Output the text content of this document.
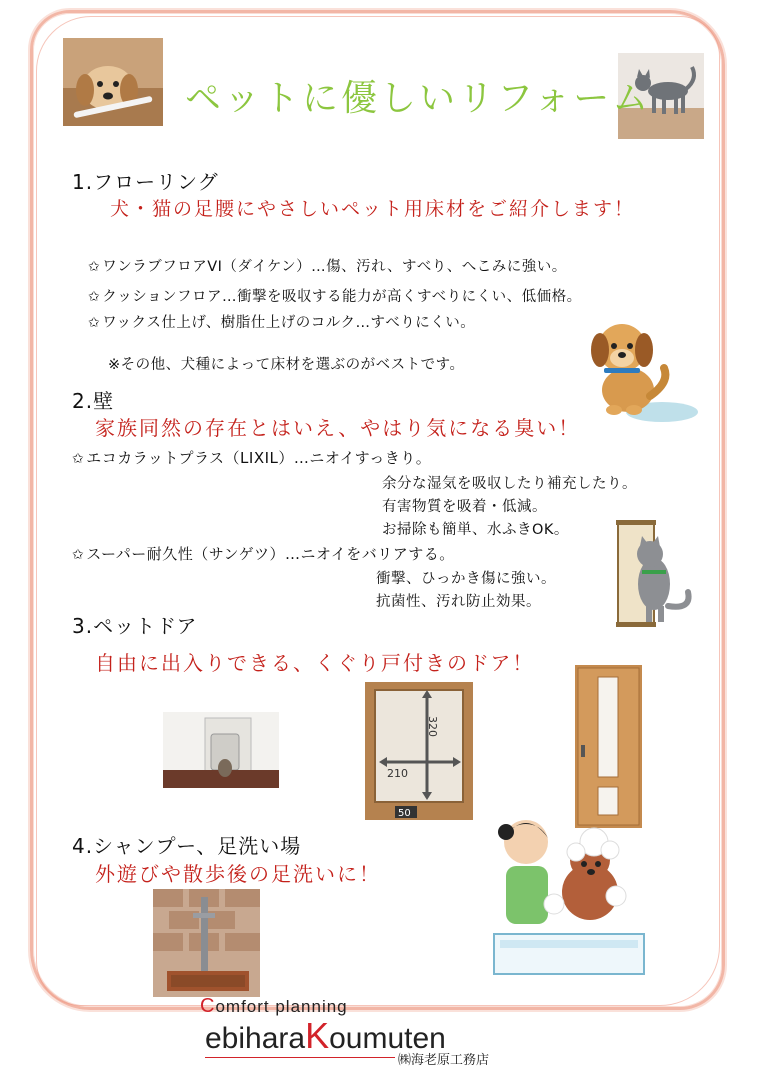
ペットに優しいリフォーム
1.フローリング
犬・猫の足腰にやさしいペット用床材をご紹介します！
✩ ワンラブフロアVI（ダイケン）…傷、汚れ、すべり、へこみに強い。
✩ クッションフロア…衝撃を吸収する能力が高くすべりにくい、低価格。
✩ ワックス仕上げ、樹脂仕上げのコルク…すべりにくい。
※その他、犬種によって床材を選ぶのがベストです。
2.壁
家族同然の存在とはいえ、やはり気になる臭い！
✩ エコカラットプラス（LIXIL）…ニオイすっきり。
余分な湿気を吸収したり補充したり。
有害物質を吸着・低減。
お掃除も簡単、水ふきOK。
✩ スーパー耐久性（サンゲツ）…ニオイをバリアする。
衝撃、ひっかき傷に強い。
抗菌性、汚れ防止効果。
3.ペットドア
自由に出入りできる、くぐり戸付きのドア！
320
210
50
4.シャンプー、足洗い場
外遊びや散歩後の足洗いに！
Comfort planning
ebiharaKoumuten
㈱海老原工務店
